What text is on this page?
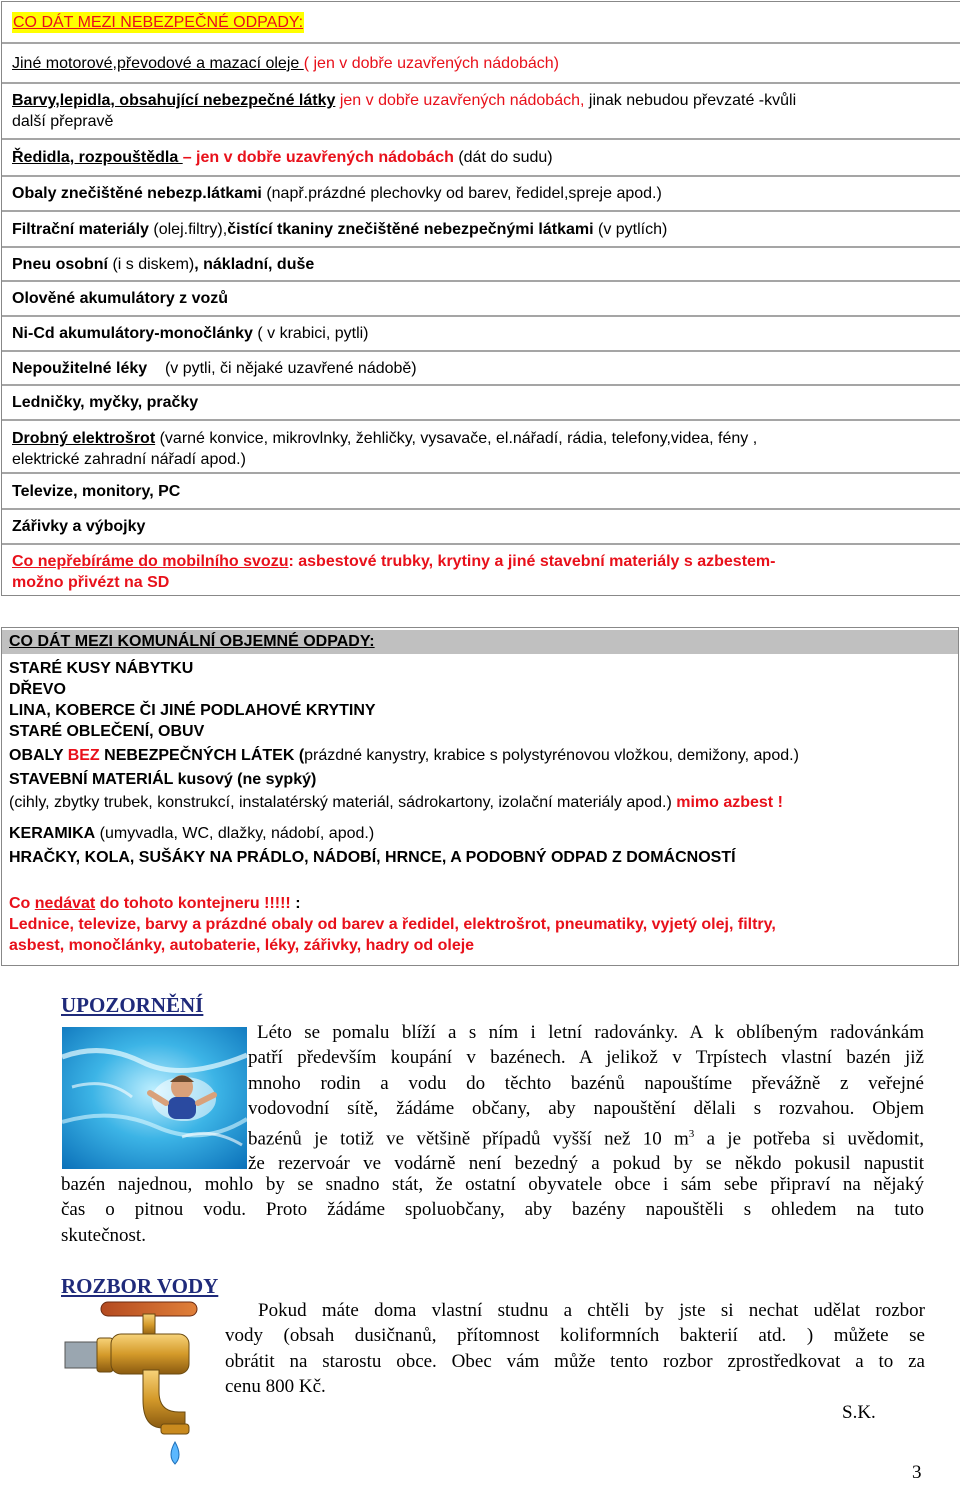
CO DÁT MEZI NEBEZPEČNÉ ODPADY:
Jiné motorové,převodové a mazací oleje ( jen v dobře uzavřených nádobách)
Barvy,lepidla, obsahující nebezpečné látky jen v dobře uzavřených nádobách, jinak nebudou převzaté -kvůli
další přepravě
Ředidla, rozpouštědla – jen v dobře uzavřených nádobách (dát do sudu)
Obaly znečištěné nebezp.látkami (např.prázdné plechovky od barev, ředidel,spreje apod.)
Filtrační materiály (olej.filtry),čistící tkaniny znečištěné nebezpečnými látkami (v pytlích)
Pneu osobní (i s diskem), nákladní, duše
Olověné akumulátory z vozů
Ni-Cd akumulátory-monočlánky ( v krabici, pytli)
Nepoužitelné léky    (v pytli, či nějaké uzavřené nádobě)
Ledničky, myčky, pračky
Drobný elektrošrot (varné konvice, mikrovlnky, žehličky, vysavače, el.nářadí, rádia, telefony,videa, fény ,
elektrické zahradní nářadí apod.)
Televize, monitory, PC
Zářivky a výbojky
Co nepřebíráme do mobilního svozu: asbestové trubky, krytiny a jiné stavební materiály s azbestem-
možno přivézt na SD
CO DÁT MEZI KOMUNÁLNÍ OBJEMNÉ ODPADY:
STARÉ KUSY NÁBYTKU
DŘEVO
LINA, KOBERCE ČI JINÉ PODLAHOVÉ KRYTINY
STARÉ OBLEČENÍ, OBUV
OBALY BEZ NEBEZPEČNÝCH LÁTEK (prázdné kanystry, krabice s polystyrénovou vložkou, demižony, apod.)
STAVEBNÍ MATERIÁL kusový (ne sypký)
(cihly, zbytky trubek, konstrukcí, instalatérský materiál, sádrokartony, izolační materiály apod.) mimo azbest !
KERAMIKA (umyvadla, WC, dlažky, nádobí, apod.)
HRAČKY, KOLA, SUŠÁKY NA PRÁDLO, NÁDOBÍ, HRNCE, A PODOBNÝ ODPAD Z DOMÁCNOSTÍ
Co nedávat do tohoto kontejneru !!!!! :
Lednice, televize, barvy a prázdné obaly od barev a ředidel, elektrošrot, pneumatiky, vyjetý olej, filtry,
asbest, monočlánky, autobaterie, léky, zářivky, hadry od oleje
UPOZORNĚNÍ
Léto se pomalu blíží a s ním i letní radovánky. A k oblíbeným radovánkám
patří především koupání v bazénech. A jelikož v Trpístech vlastní bazén již
mnoho rodin a vodu do těchto bazénů napouštíme převážně z veřejné
vodovodní sítě, žádáme občany, aby napouštění dělali s rozvahou. Objem
bazénů je totiž ve většině případů vyšší než 10 $m^3$ a je potřeba si uvědomit,
že rezervoár ve vodárně není bezedný a pokud by se někdo pokusil napustit
bazén najednou, mohlo by se snadno stát, že ostatní obyvatele obce i sám sebe připraví na nějaký
čas o pitnou vodu. Proto žádáme spoluobčany, aby bazény napouštěli s ohledem na tuto
skutečnost.
ROZBOR VODY
Pokud máte doma vlastní studnu a chtěli by jste si nechat udělat rozbor
vody (obsah dusičnanů, přítomnost koliformních bakterií atd. ) můžete se
obrátit na starostu obce. Obec vám může tento rozbor zprostředkovat a to za
cenu 800 Kč.
S.K.
3
